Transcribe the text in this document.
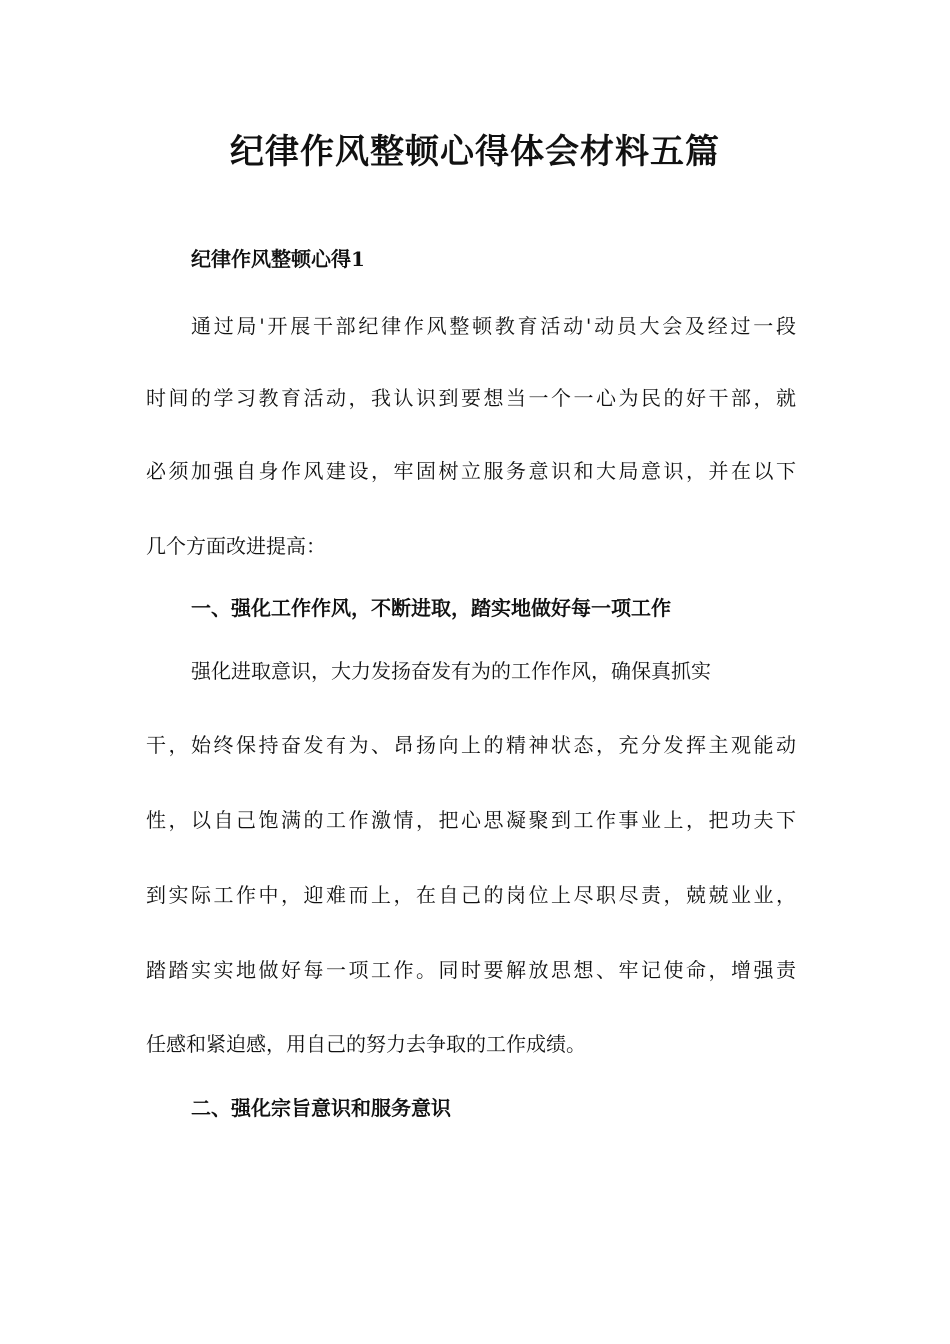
纪律作风整顿心得体会材料五篇
纪律作风整顿心得1
通过局'开展干部纪律作风整顿教育活动'动员大会及经过一段
时间的学习教育活动，我认识到要想当一个一心为民的好干部，就
必须加强自身作风建设，牢固树立服务意识和大局意识，并在以下
几个方面改进提高：
一、强化工作作风，不断进取，踏实地做好每一项工作
强化进取意识，大力发扬奋发有为的工作作风，确保真抓实
干，始终保持奋发有为、昂扬向上的精神状态，充分发挥主观能动
性，以自己饱满的工作激情，把心思凝聚到工作事业上，把功夫下
到实际工作中，迎难而上，在自己的岗位上尽职尽责，兢兢业业，
踏踏实实地做好每一项工作。同时要解放思想、牢记使命，增强责
任感和紧迫感，用自己的努力去争取的工作成绩。
二、强化宗旨意识和服务意识
